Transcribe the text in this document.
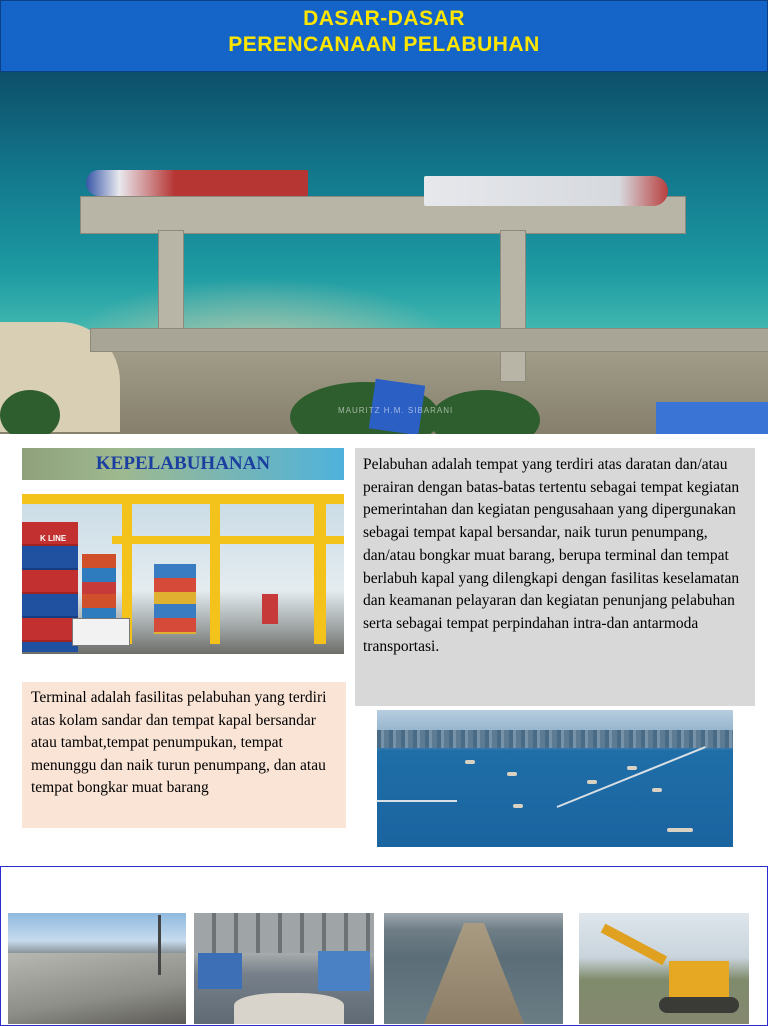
DASAR-DASAR
PERENCANAAN PELABUHAN
MAURITZ H.M. SIBARANI
KEPELABUHANAN
K LINE

Pelabuhan adalah tempat yang terdiri atas daratan dan/atau perairan dengan batas-batas tertentu sebagai tempat kegiatan pemerintahan dan kegiatan pengusahaan yang dipergunakan sebagai tempat kapal bersandar, naik turun penumpang, dan/atau bongkar muat barang, berupa terminal dan tempat berlabuh kapal yang dilengkapi dengan fasilitas keselamatan dan keamanan pelayaran dan kegiatan penunjang pelabuhan serta sebagai tempat perpindahan intra-dan antarmoda transportasi.

Terminal adalah fasilitas pelabuhan yang terdiri atas kolam sandar dan tempat kapal bersandar atau tambat,tempat penumpukan, tempat menunggu dan naik turun penumpang, dan atau tempat bongkar muat barang
